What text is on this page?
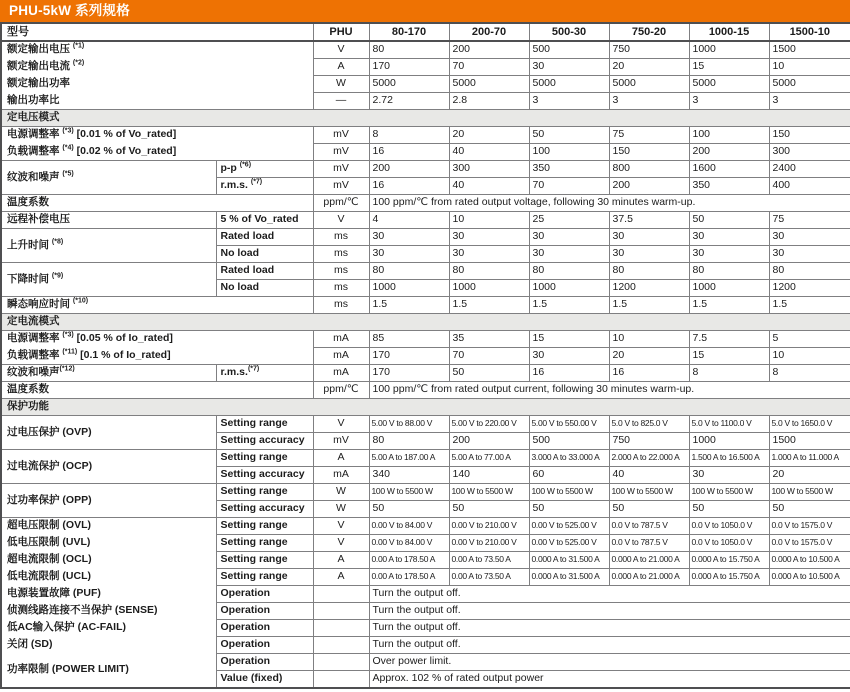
PHU-5kW 系列规格
型号		PHU	80-170	200-70	500-30	750-20	1000-15	1500-10
额定输出电压 $^{(*1)}$		V	80	200	500	750	1000	1500
额定输出电流 $^{(*2)}$		A	170	70	30	20	15	10
额定输出功率		W	5000	5000	5000	5000	5000	5000
输出功率比		—	2.72	2.8	3	3	3	3
定电压模式								
电源调整率 $^{(*3)}$ [0.01 % of Vo_rated]		mV	8	20	50	75	100	150
负载调整率 $^{(*4)}$ [0.02 % of Vo_rated]		mV	16	40	100	150	200	300
纹波和噪声 $^{(*5)}$	p-p $^{(*6)}$	mV	200	300	350	800	1600	2400
	r.m.s. $^{(*7)}$	mV	16	40	70	200	350	400
温度系数		ppm/℃	100 ppm/℃ from rated output voltage, following 30 minutes warm-up.					
远程补偿电压	5 % of Vo_rated	V	4	10	25	37.5	50	75
上升时间 $^{(*8)}$	Rated load	ms	30	30	30	30	30	30
	No load	ms	30	30	30	30	30	30
下降时间 $^{(*9)}$	Rated load	ms	80	80	80	80	80	80
	No load	ms	1000	1000	1000	1200	1000	1200
瞬态响应时间 $^{(*10)}$		ms	1.5	1.5	1.5	1.5	1.5	1.5
定电流模式								
电源调整率 $^{(*3)}$ [0.05 % of Io_rated]		mA	85	35	15	10	7.5	5
负载调整率 $^{(*11)}$ [0.1 % of Io_rated]		mA	170	70	30	20	15	10
纹波和噪声$^{(*12)}$	r.m.s.$^{(*7)}$	mA	170	50	16	16	8	8
温度系数		ppm/℃	100 ppm/℃ from rated output current, following 30 minutes warm-up.					
保护功能								
过电压保护 (OVP)	Setting range	V	5.00 V to 88.00 V	5.00 V to 220.00 V	5.00 V to 550.00 V	5.0 V to 825.0 V	5.0 V to 1100.0 V	5.0 V to 1650.0 V
	Setting accuracy	mV	80	200	500	750	1000	1500
过电流保护 (OCP)	Setting range	A	5.00 A to 187.00 A	5.00 A to 77.00 A	3.000 A to 33.000 A	2.000 A to 22.000 A	1.500 A to 16.500 A	1.000 A to 11.000 A
	Setting accuracy	mA	340	140	60	40	30	20
过功率保护 (OPP)	Setting range	W	100 W to 5500 W	100 W to 5500 W	100 W to 5500 W	100 W to 5500 W	100 W to 5500 W	100 W to 5500 W
	Setting accuracy	W	50	50	50	50	50	50
超电压限制 (OVL)	Setting range	V	0.00 V to 84.00 V	0.00 V to 210.00 V	0.00 V to 525.00 V	0.0 V to 787.5 V	0.0 V to 1050.0 V	0.0 V to 1575.0 V
低电压限制 (UVL)	Setting range	V	0.00 V to 84.00 V	0.00 V to 210.00 V	0.00 V to 525.00 V	0.0 V to 787.5 V	0.0 V to 1050.0 V	0.0 V to 1575.0 V
超电流限制 (OCL)	Setting range	A	0.00 A to 178.50 A	0.00 A to 73.50 A	0.000 A to 31.500 A	0.000 A to 21.000 A	0.000 A to 15.750 A	0.000 A to 10.500 A
低电流限制 (UCL)	Setting range	A	0.00 A to 178.50 A	0.00 A to 73.50 A	0.000 A to 31.500 A	0.000 A to 21.000 A	0.000 A to 15.750 A	0.000 A to 10.500 A
电源装置故障 (PUF)	Operation		Turn the output off.					
侦测线路连接不当保护 (SENSE)	Operation		Turn the output off.					
低AC输入保护 (AC-FAIL)	Operation		Turn the output off.					
关闭 (SD)	Operation		Turn the output off.					
功率限制 (POWER LIMIT)	Operation		Over power limit.					
	Value (fixed)		Approx. 102 % of rated output power					
